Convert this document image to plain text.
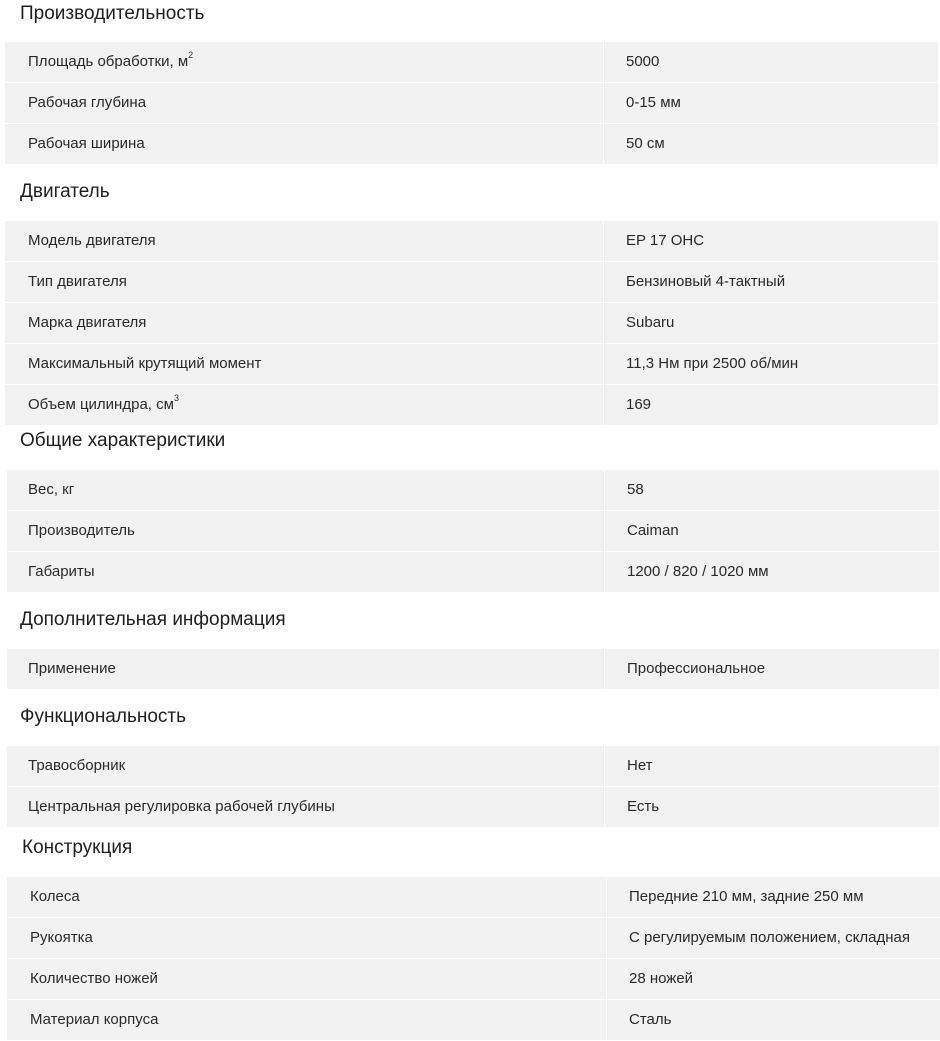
Производительность
Площадь обработки, $м^2$	5000
Рабочая глубина	0-15 мм
Рабочая ширина	50 см
Двигатель
Модель двигателя	EP 17 OHC
Тип двигателя	Бензиновый 4-тактный
Марка двигателя	Subaru
Максимальный крутящий момент	11,3 Нм при 2500 об/мин
Объем цилиндра, $см^3$	169
Общие характеристики
Вес, кг	58
Производитель	Caiman
Габариты	1200 / 820 / 1020 мм
Дополнительная информация
Применение	Профессиональное
Функциональность
Травосборник	Нет
Центральная регулировка рабочей глубины	Есть
Конструкция
Колеса	Передние 210 мм, задние 250 мм
Рукоятка	С регулируемым положением, складная
Количество ножей	28 ножей
Материал корпуса	Сталь
